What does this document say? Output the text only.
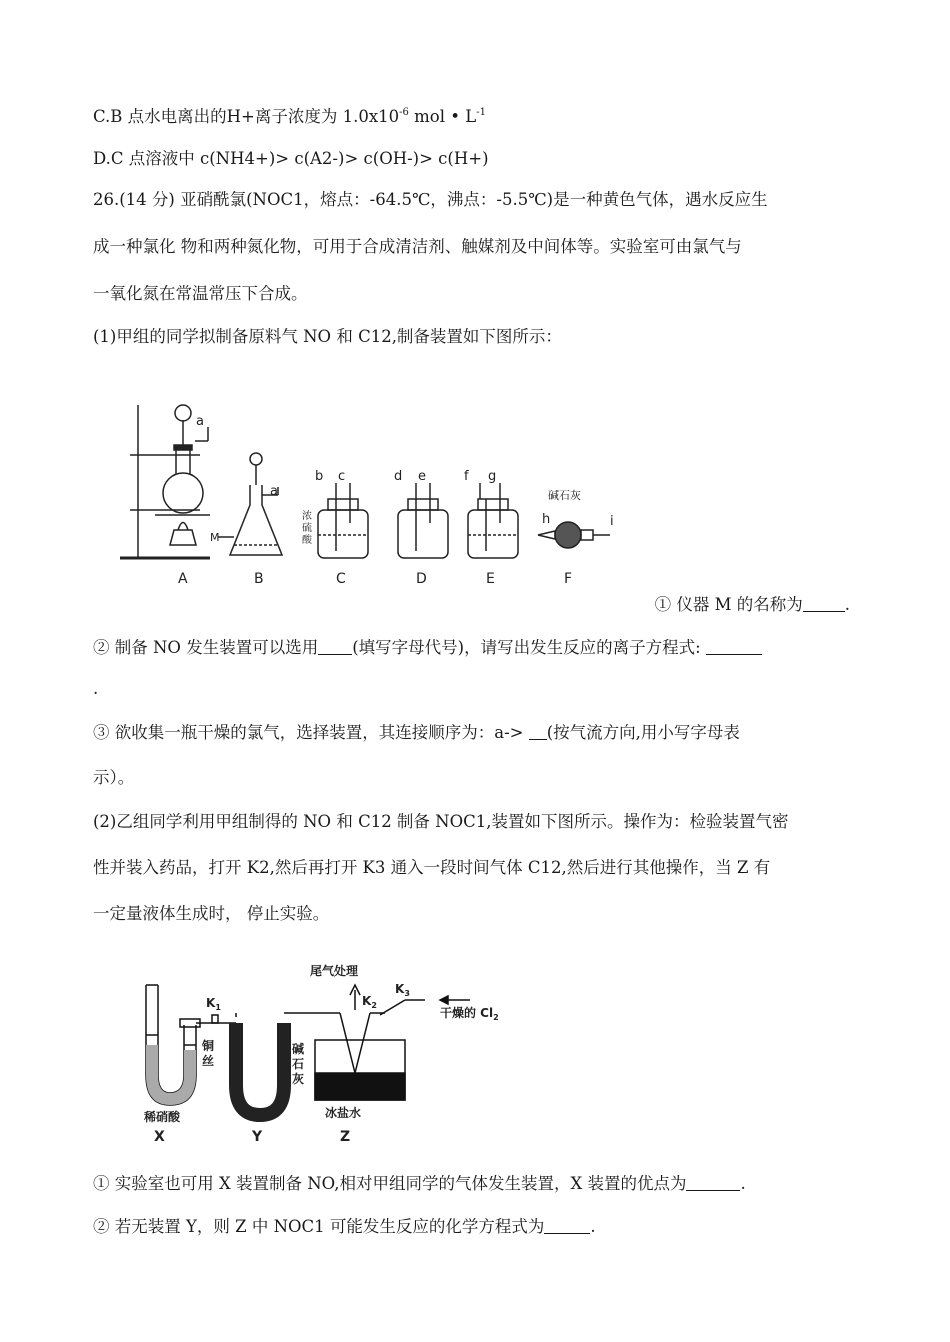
C.B 点水电离出的H+离子浓度为 $1.0x10^{-6}$ mol • $L^{-1}$
D.C 点溶液中 c(NH4+)> c(A2-)> c(OH-)> c(H+)
26.(14 分) 亚硝酰氯(NOC1，熔点：-64.5℃，沸点：-5.5℃)是一种黄色气体，遇水反应生
成一种氯化 物和两种氮化物，可用于合成清洁剂、触媒剂及中间体等。实验室可由氯气与
一氧化氮在常温常压下合成。
(1)甲组的同学拟制备原料气 NO 和 C12,制备装置如下图所示：
a
a
M
b c
浓
硫
酸
d e	f g
碱石灰
h	i
A	B	C	D	E	F
① 仪器 M 的名称为	.
② 制备 NO 发生装置可以选用 (填写字母代号)，请写出发生反应的离子方程式:
.
③ 欲收集一瓶干燥的氯气，选择装置，其连接顺序为：a-> (按气流方向,用小写字母表
示）。
(2)乙组同学利用甲组制得的 NO 和 C12 制备 NOC1,装置如下图所示。操作为：检验装置气密
性并装入药品，打开 K2,然后再打开 K3 通入一段时间气体 C12,然后进行其他操作，当 Z 有
一定量液体生成时， 停止实验。
尾气处理
$K_1$	$K_2$
$K_3$
干燥的 $Cl_2$
铜
丝
碱
石
灰
冰盐水
稀硝酸
X	Y	Z
① 实验室也可用 X 装置制备 NO,相对甲组同学的气体发生装置，X 装置的优点为	.
② 若无装置 Y，则 Z 中 NOC1 可能发生反应的化学方程式为	.
